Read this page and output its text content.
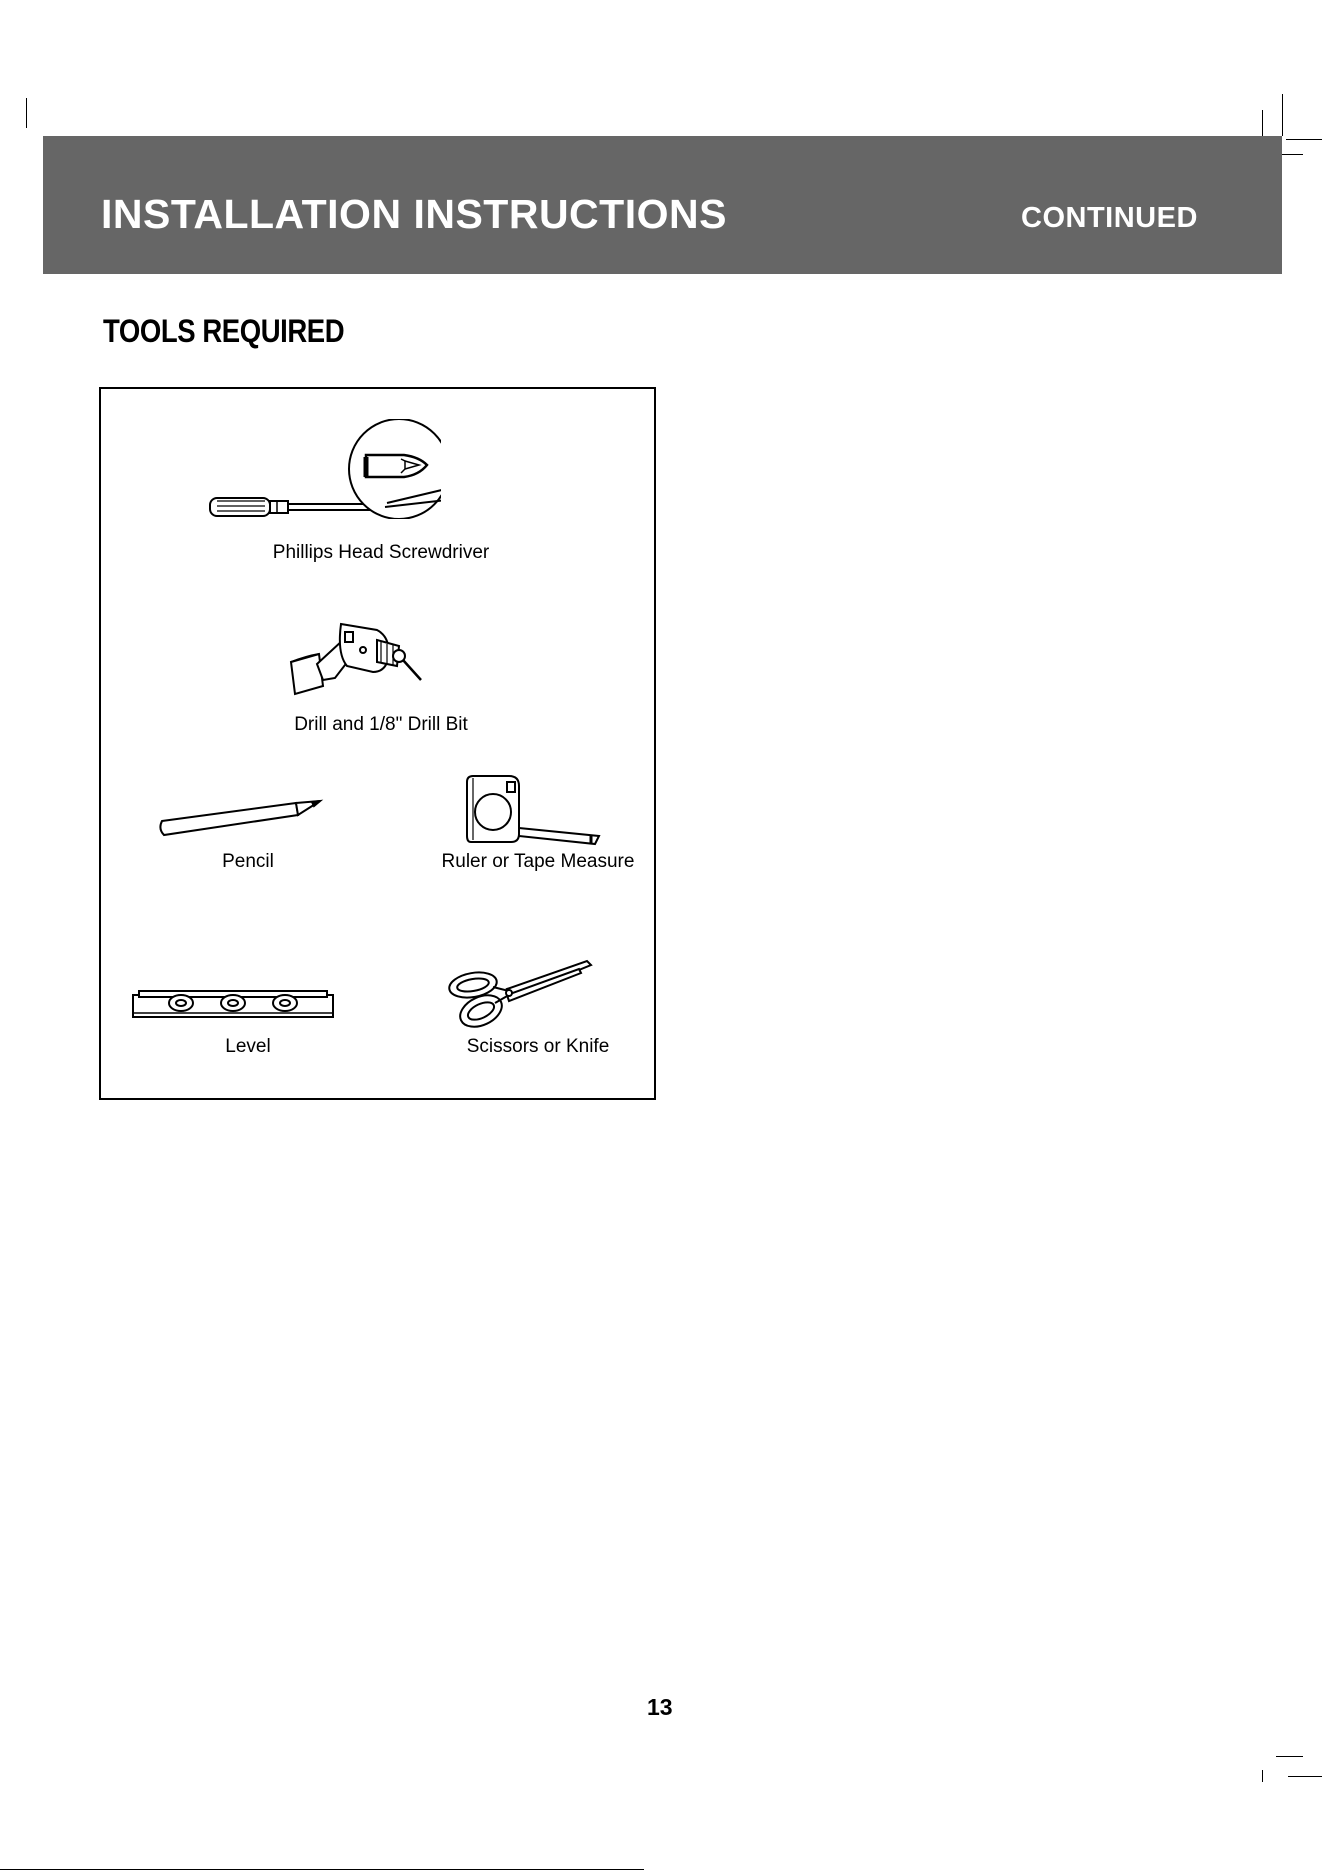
INSTALLATION INSTRUCTIONS	CONTINUED
TOOLS REQUIRED
Phillips Head Screwdriver
Drill and 1/8" Drill Bit
Pencil	Ruler or Tape Measure
Level	Scissors or Knife
13
